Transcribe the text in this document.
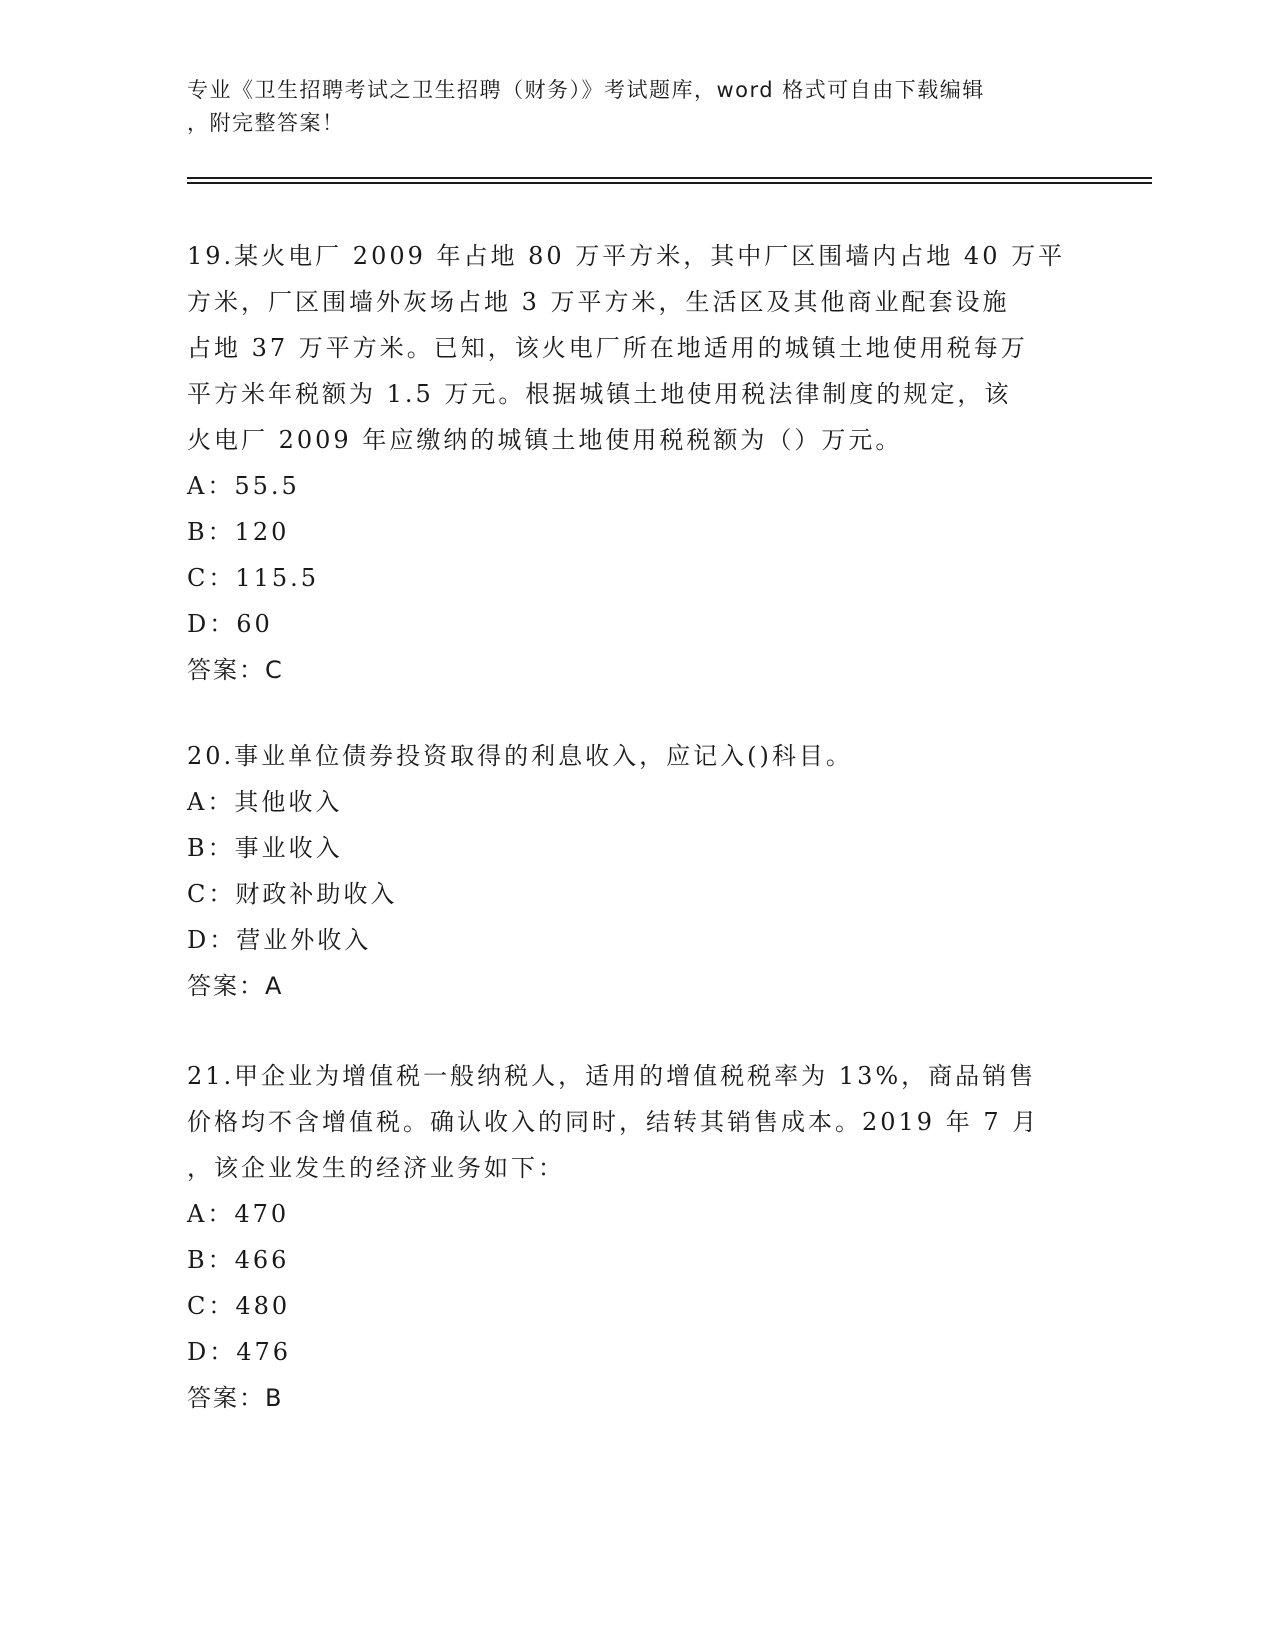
专业《卫生招聘考试之卫生招聘（财务）》考试题库，word 格式可自由下载编辑
，附完整答案！
19.某火电厂 2009 年占地 80 万平方米，其中厂区围墙内占地 40 万平
方米，厂区围墙外灰场占地 3 万平方米，生活区及其他商业配套设施
占地 37 万平方米。已知，该火电厂所在地适用的城镇土地使用税每万
平方米年税额为 1.5 万元。根据城镇土地使用税法律制度的规定，该
火电厂 2009 年应缴纳的城镇土地使用税税额为（）万元。
A：55.5
B：120
C：115.5
D：60
答案：C
20.事业单位债券投资取得的利息收入，应记入()科目。
A：其他收入
B：事业收入
C：财政补助收入
D：营业外收入
答案：A
21.甲企业为增值税一般纳税人，适用的增值税税率为 13%，商品销售
价格均不含增值税。确认收入的同时，结转其销售成本。2019 年 7 月
，该企业发生的经济业务如下：
A：470
B：466
C：480
D：476
答案：B
